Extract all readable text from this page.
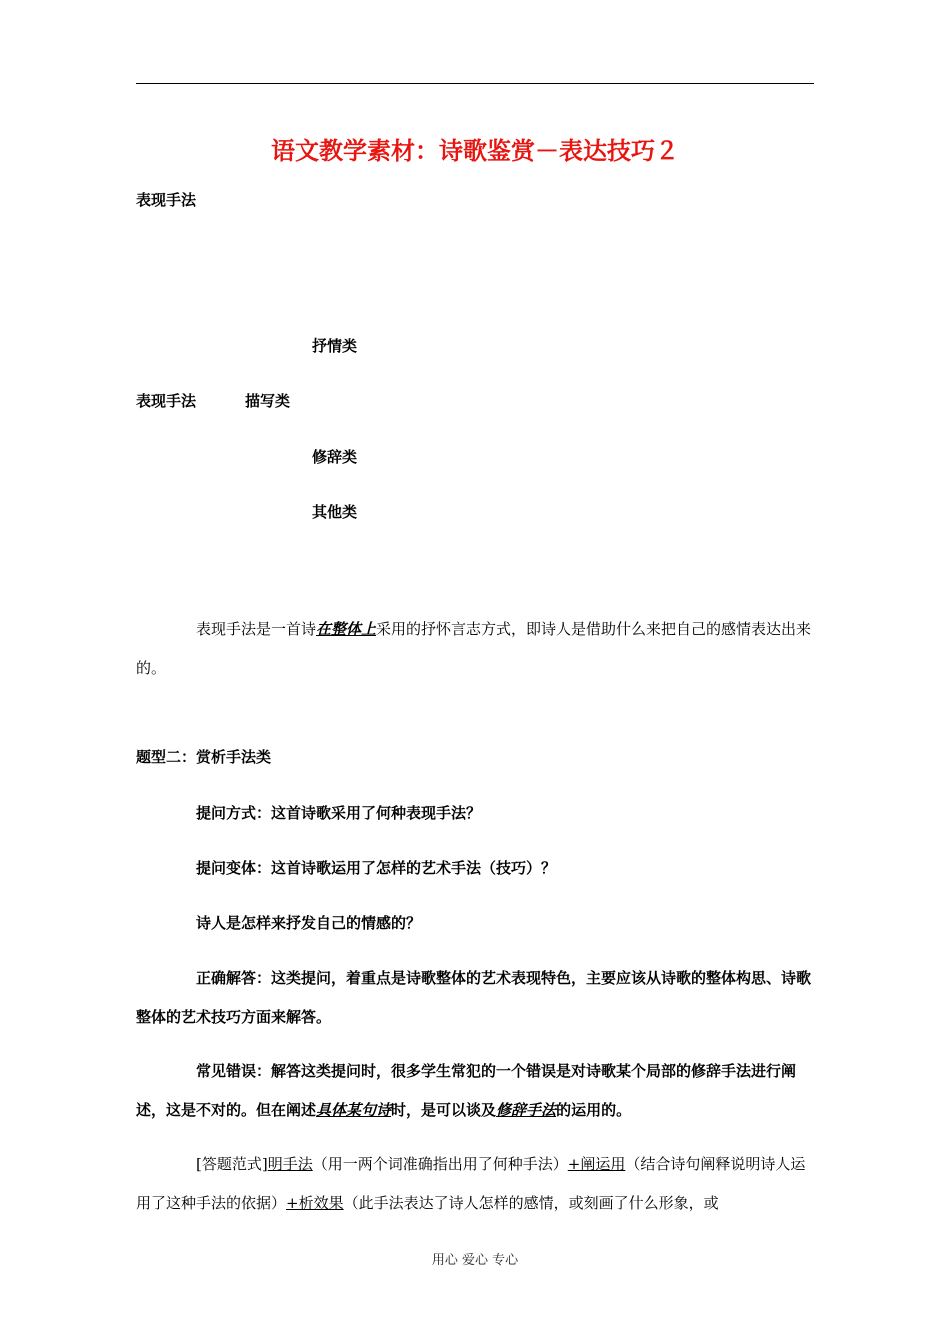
语文教学素材：诗歌鉴赏－表达技巧２
表现手法
抒情类
表现手法	描写类
修辞类
其他类
表现手法是一首诗在整体上采用的抒怀言志方式，即诗人是借助什么来把自己的感情表达出来的。
题型二：赏析手法类
提问方式：这首诗歌采用了何种表现手法？
提问变体：这首诗歌运用了怎样的艺术手法（技巧）？
诗人是怎样来抒发自己的情感的？
正确解答：这类提问，着重点是诗歌整体的艺术表现特色，主要应该从诗歌的整体构思、诗歌整体的艺术技巧方面来解答。
常见错误：解答这类提问时，很多学生常犯的一个错误是对诗歌某个局部的修辞手法进行阐述，这是不对的。但在阐述具体某句诗时，是可以谈及修辞手法的运用的。
[答题范式]明手法（用一两个词准确指出用了何种手法）+阐运用（结合诗句阐释说明诗人运用了这种手法的依据）+析效果（此手法表达了诗人怎样的感情，或刻画了什么形象，或
用心 爱心 专心
